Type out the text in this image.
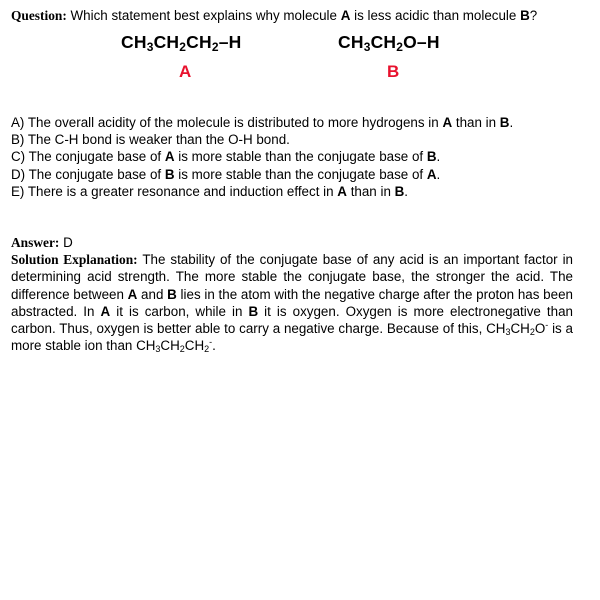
Question: Which statement best explains why molecule A is less acidic than molecule B?
$CH_3CH_2CH_2-H$	$CH_3CH_2O-H$
A	B
A) The overall acidity of the molecule is distributed to more hydrogens in A than in B.
B) The C-H bond is weaker than the O-H bond.
C) The conjugate base of A is more stable than the conjugate base of B.
D) The conjugate base of B is more stable than the conjugate base of A.
E) There is a greater resonance and induction effect in A than in B.
Answer: D
Solution Explanation: The stability of the conjugate base of any acid is an important factor in determining acid strength. The more stable the conjugate base, the stronger the acid. The difference between A and B lies in the atom with the negative charge after the proton has been abstracted. In A it is carbon, while in B it is oxygen. Oxygen is more electronegative than carbon. Thus, oxygen is better able to carry a negative charge. Because of this, $CH_3CH_2O^-$ is a more stable ion than $CH_3CH_2CH_2^-$.
